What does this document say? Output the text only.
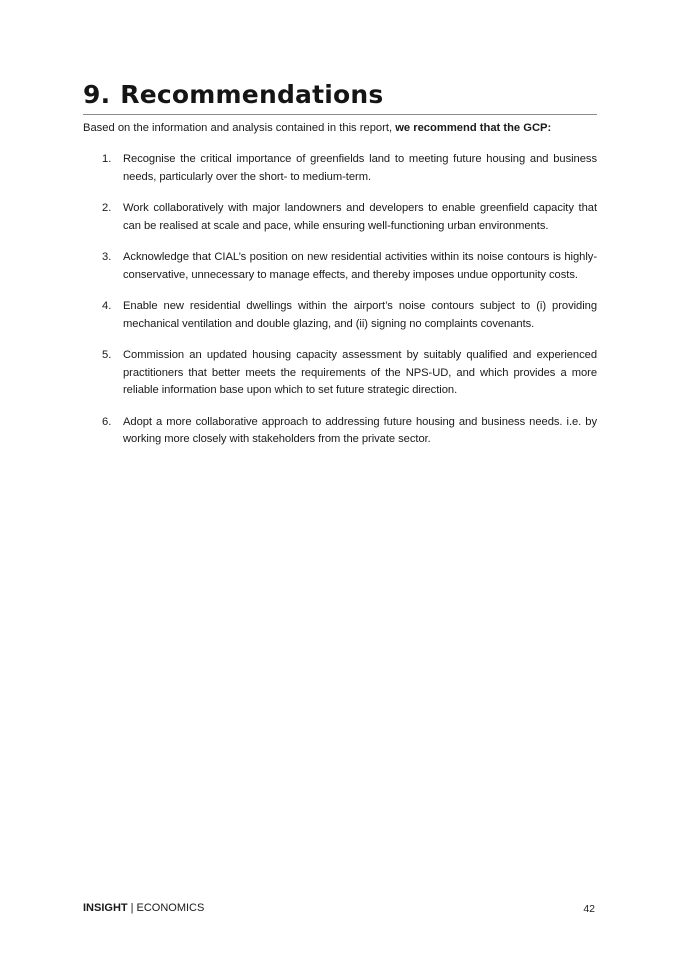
9. Recommendations

Based on the information and analysis contained in this report, we recommend that the GCP:

1.	Recognise the critical importance of greenfields land to meeting future housing and business needs, particularly over the short- to medium-term.
2.	Work collaboratively with major landowners and developers to enable greenfield capacity that can be realised at scale and pace, while ensuring well-functioning urban environments.
3.	Acknowledge that CIAL’s position on new residential activities within its noise contours is highly-conservative, unnecessary to manage effects, and thereby imposes undue opportunity costs.
4.	Enable new residential dwellings within the airport’s noise contours subject to (i) providing mechanical ventilation and double glazing, and (ii) signing no complaints covenants.
5.	Commission an updated housing capacity assessment by suitably qualified and experienced practitioners that better meets the requirements of the NPS-UD, and which provides a more reliable information base upon which to set future strategic direction.
6.	Adopt a more collaborative approach to addressing future housing and business needs. i.e. by working more closely with stakeholders from the private sector.
INSIGHT | ECONOMICS	42
